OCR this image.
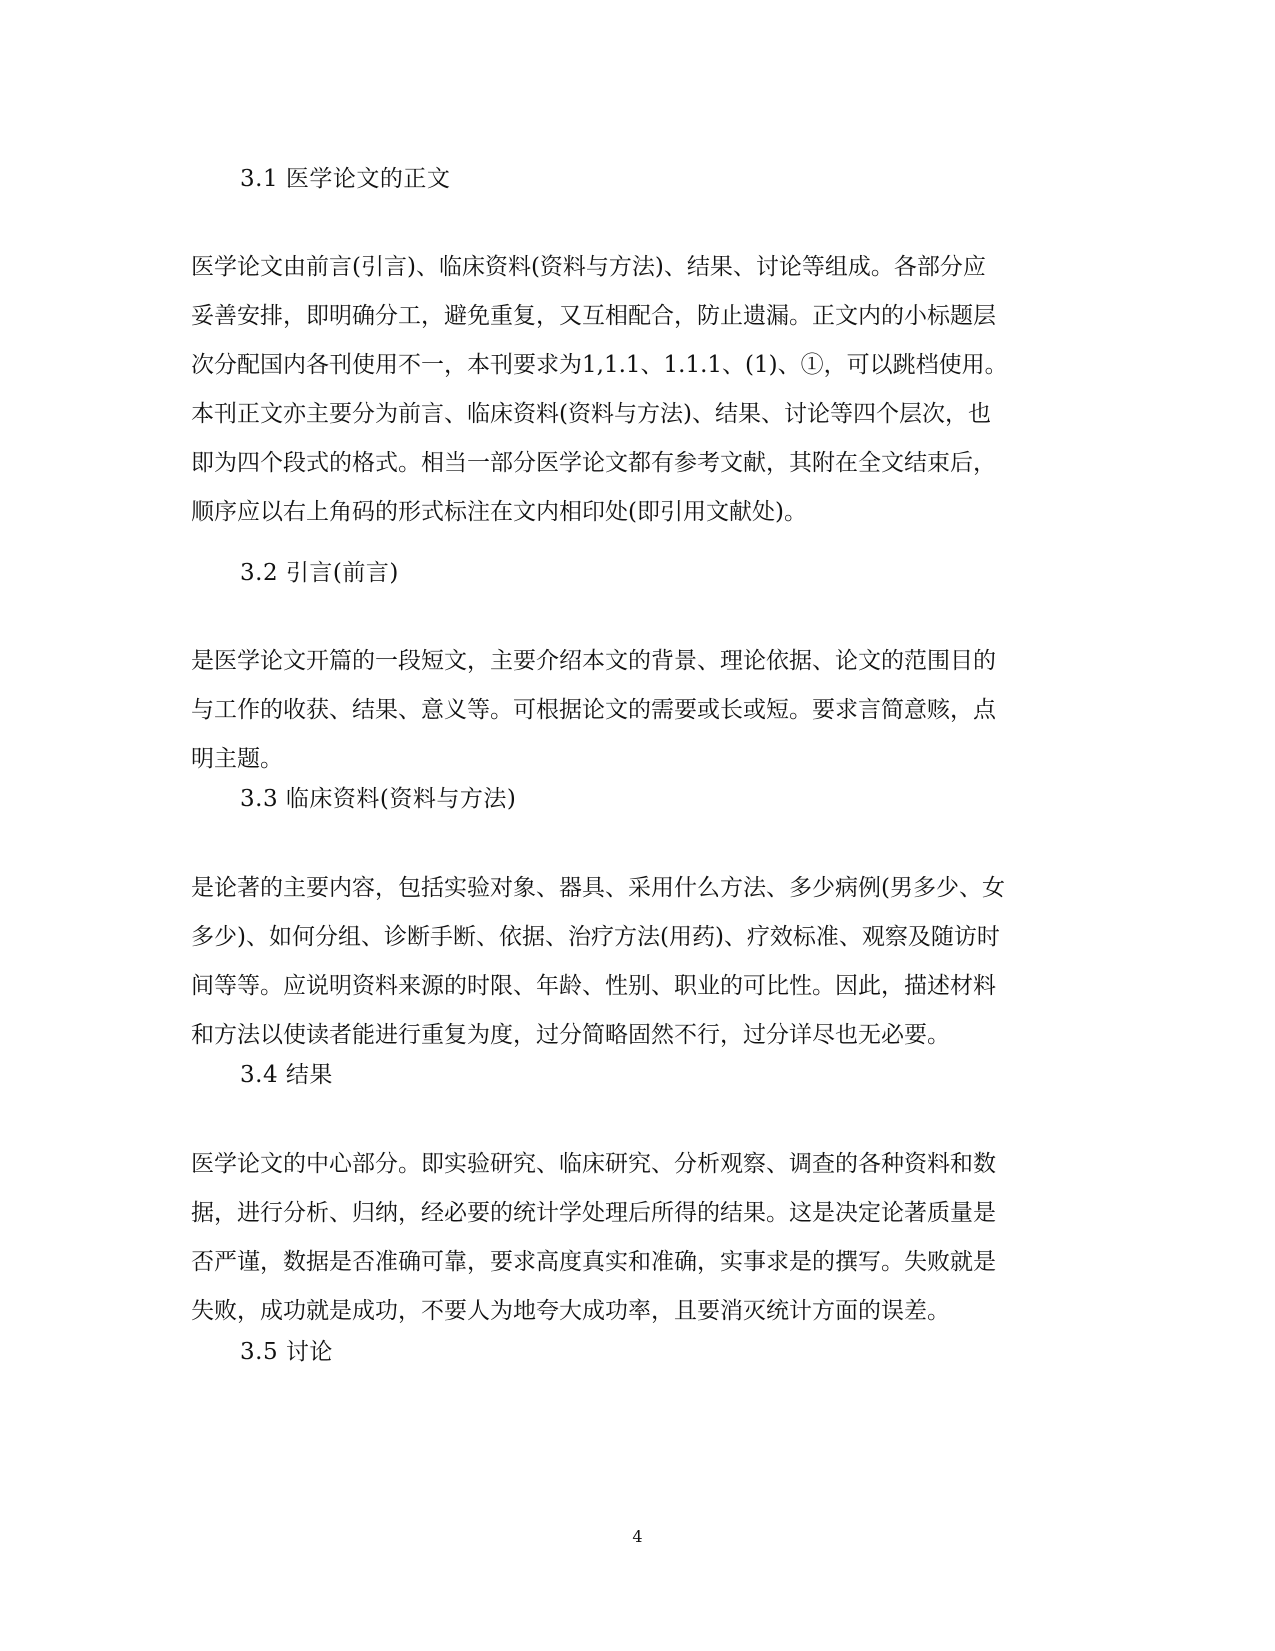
3.1 医学论文的正文
医学论文由前言(引言)、临床资料(资料与方法)、结果、讨论等组成。各部分应
妥善安排，即明确分工，避免重复，又互相配合，防止遗漏。正文内的小标题层
次分配国内各刊使用不一，本刊要求为1,1.1、1.1.1、(1)、①，可以跳档使用。
本刊正文亦主要分为前言、临床资料(资料与方法)、结果、讨论等四个层次，也
即为四个段式的格式。相当一部分医学论文都有参考文献，其附在全文结束后，
顺序应以右上角码的形式标注在文内相印处(即引用文献处)。
3.2 引言(前言)
是医学论文开篇的一段短文，主要介绍本文的背景、理论依据、论文的范围目的
与工作的收获、结果、意义等。可根据论文的需要或长或短。要求言简意赅，点
明主题。
3.3 临床资料(资料与方法)
是论著的主要内容，包括实验对象、器具、采用什么方法、多少病例(男多少、女
多少)、如何分组、诊断手断、依据、治疗方法(用药)、疗效标准、观察及随访时
间等等。应说明资料来源的时限、年龄、性别、职业的可比性。因此，描述材料
和方法以使读者能进行重复为度，过分简略固然不行，过分详尽也无必要。
3.4 结果
医学论文的中心部分。即实验研究、临床研究、分析观察、调查的各种资料和数
据，进行分析、归纳，经必要的统计学处理后所得的结果。这是决定论著质量是
否严谨，数据是否准确可靠，要求高度真实和准确，实事求是的撰写。失败就是
失败，成功就是成功，不要人为地夸大成功率，且要消灭统计方面的误差。
3.5 讨论
4
